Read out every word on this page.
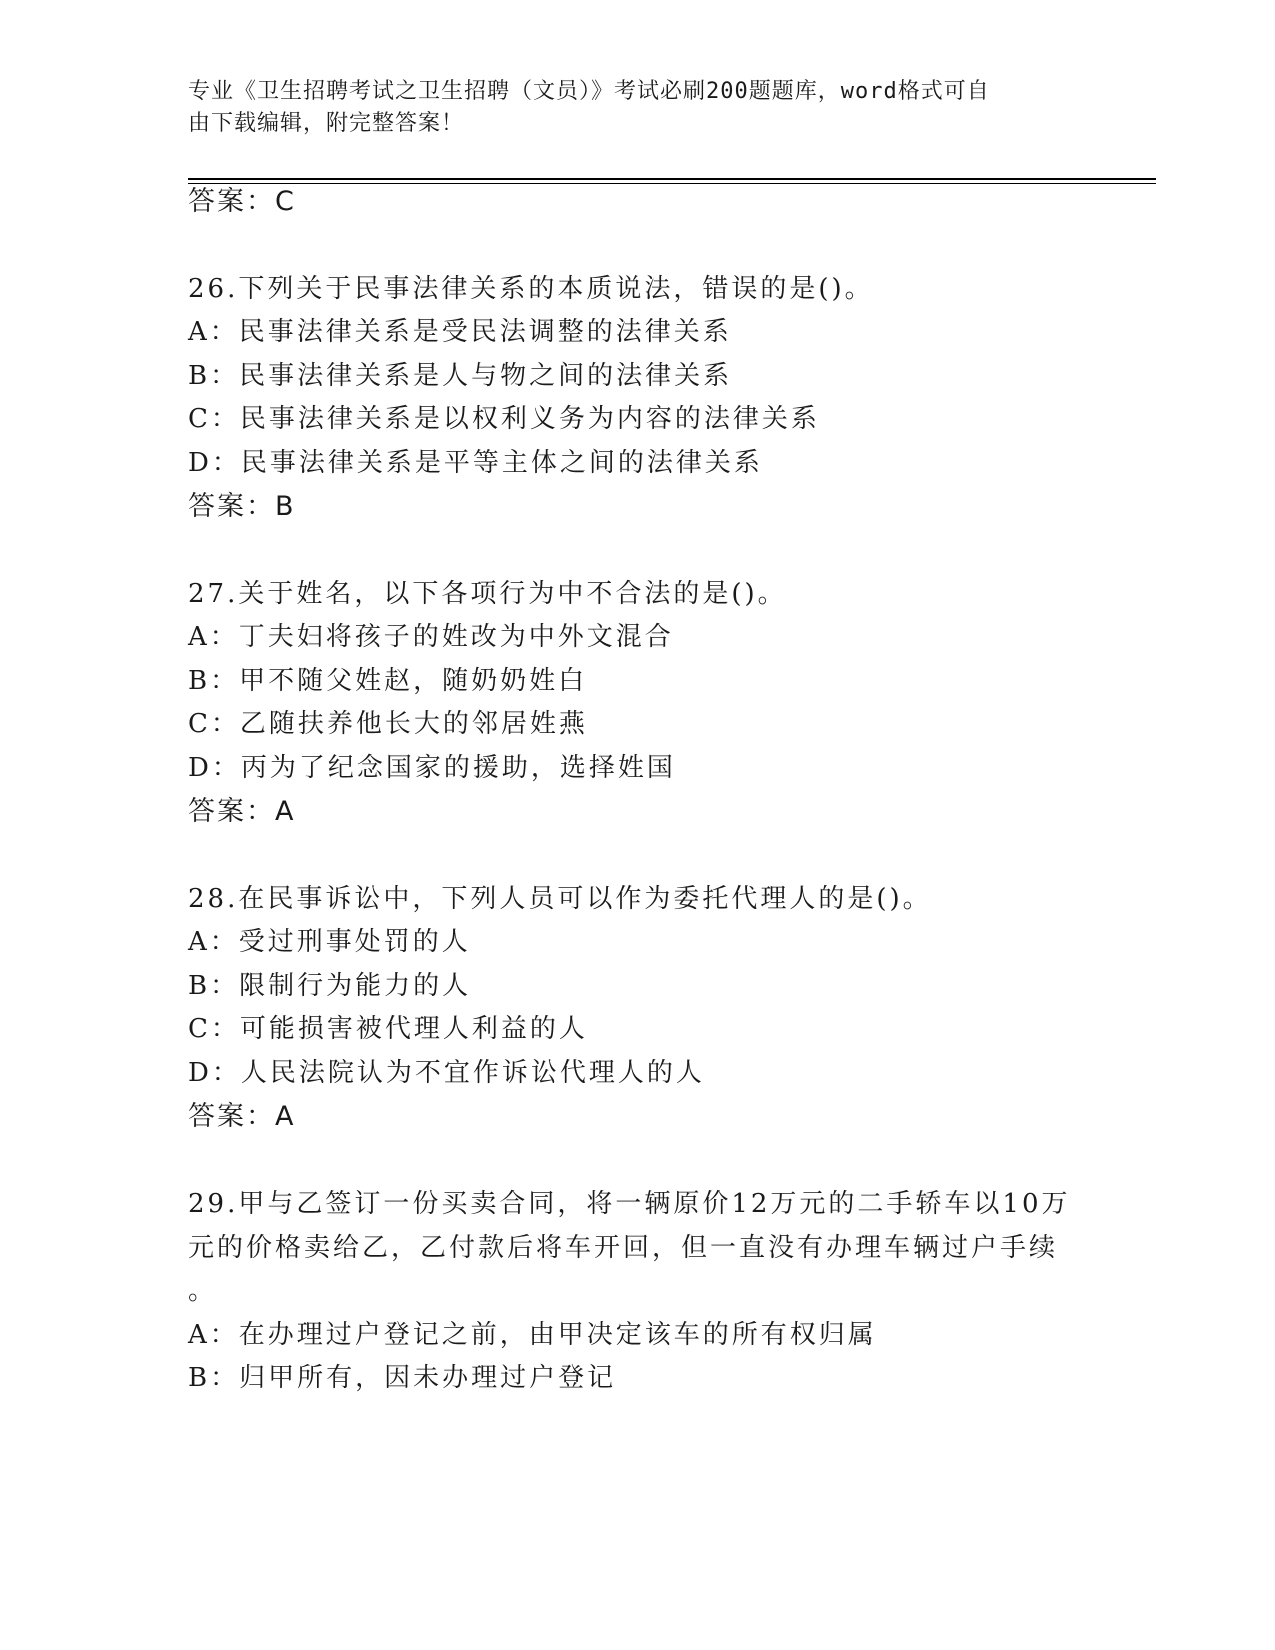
专业《卫生招聘考试之卫生招聘（文员）》考试必刷200题题库，word格式可自
由下载编辑，附完整答案！
答案：C
26.下列关于民事法律关系的本质说法，错误的是()。
A：民事法律关系是受民法调整的法律关系
B：民事法律关系是人与物之间的法律关系
C：民事法律关系是以权利义务为内容的法律关系
D：民事法律关系是平等主体之间的法律关系
答案：B
27.关于姓名，以下各项行为中不合法的是()。
A：丁夫妇将孩子的姓改为中外文混合
B：甲不随父姓赵，随奶奶姓白
C：乙随扶养他长大的邻居姓燕
D：丙为了纪念国家的援助，选择姓国
答案：A
28.在民事诉讼中，下列人员可以作为委托代理人的是()。
A：受过刑事处罚的人
B：限制行为能力的人
C：可能损害被代理人利益的人
D：人民法院认为不宜作诉讼代理人的人
答案：A
29.甲与乙签订一份买卖合同，将一辆原价12万元的二手轿车以10万
元的价格卖给乙，乙付款后将车开回，但一直没有办理车辆过户手续
。
A：在办理过户登记之前，由甲决定该车的所有权归属
B：归甲所有，因未办理过户登记
